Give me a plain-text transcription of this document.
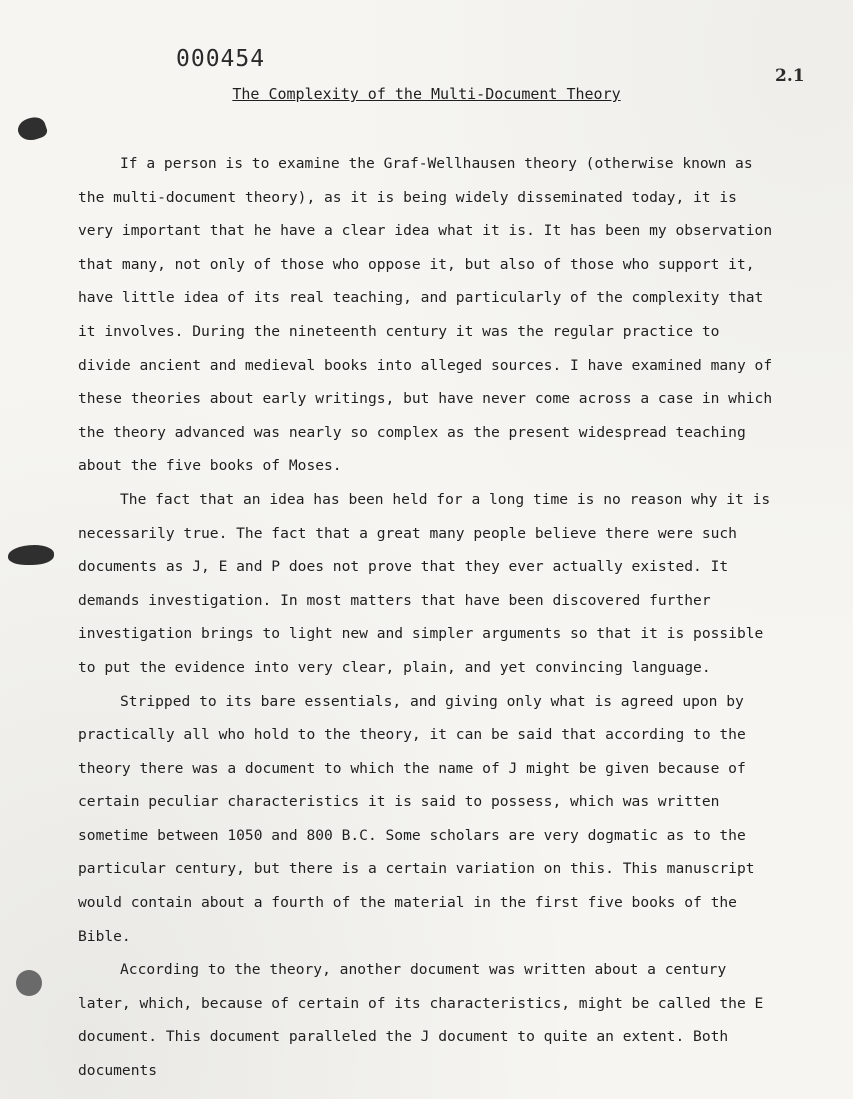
000454
2.1
The Complexity of the Multi-Document Theory

If a person is to examine the Graf-Wellhausen theory (otherwise known as the multi-document theory), as it is being widely disseminated today, it is very important that he have a clear idea what it is. It has been my observation that many, not only of those who oppose it, but also of those who support it, have little idea of its real teaching, and particularly of the complexity that it involves. During the nineteenth century it was the regular practice to divide ancient and medieval books into alleged sources. I have examined many of these theories about early writings, but have never come across a case in which the theory advanced was nearly so complex as the present widespread teaching about the five books of Moses.

The fact that an idea has been held for a long time is no reason why it is necessarily true. The fact that a great many people believe there were such documents as J, E and P does not prove that they ever actually existed. It demands investigation. In most matters that have been discovered further investigation brings to light new and simpler arguments so that it is possible to put the evidence into very clear, plain, and yet convincing language.

Stripped to its bare essentials, and giving only what is agreed upon by practically all who hold to the theory, it can be said that according to the theory there was a document to which the name of J might be given because of certain peculiar characteristics it is said to possess, which was written sometime between 1050 and 800 B.C. Some scholars are very dogmatic as to the particular century, but there is a certain variation on this. This manuscript would contain about a fourth of the material in the first five books of the Bible.

According to the theory, another document was written about a century later, which, because of certain of its characteristics, might be called the E document. This document paralleled the J document to quite an extent. Both documents
